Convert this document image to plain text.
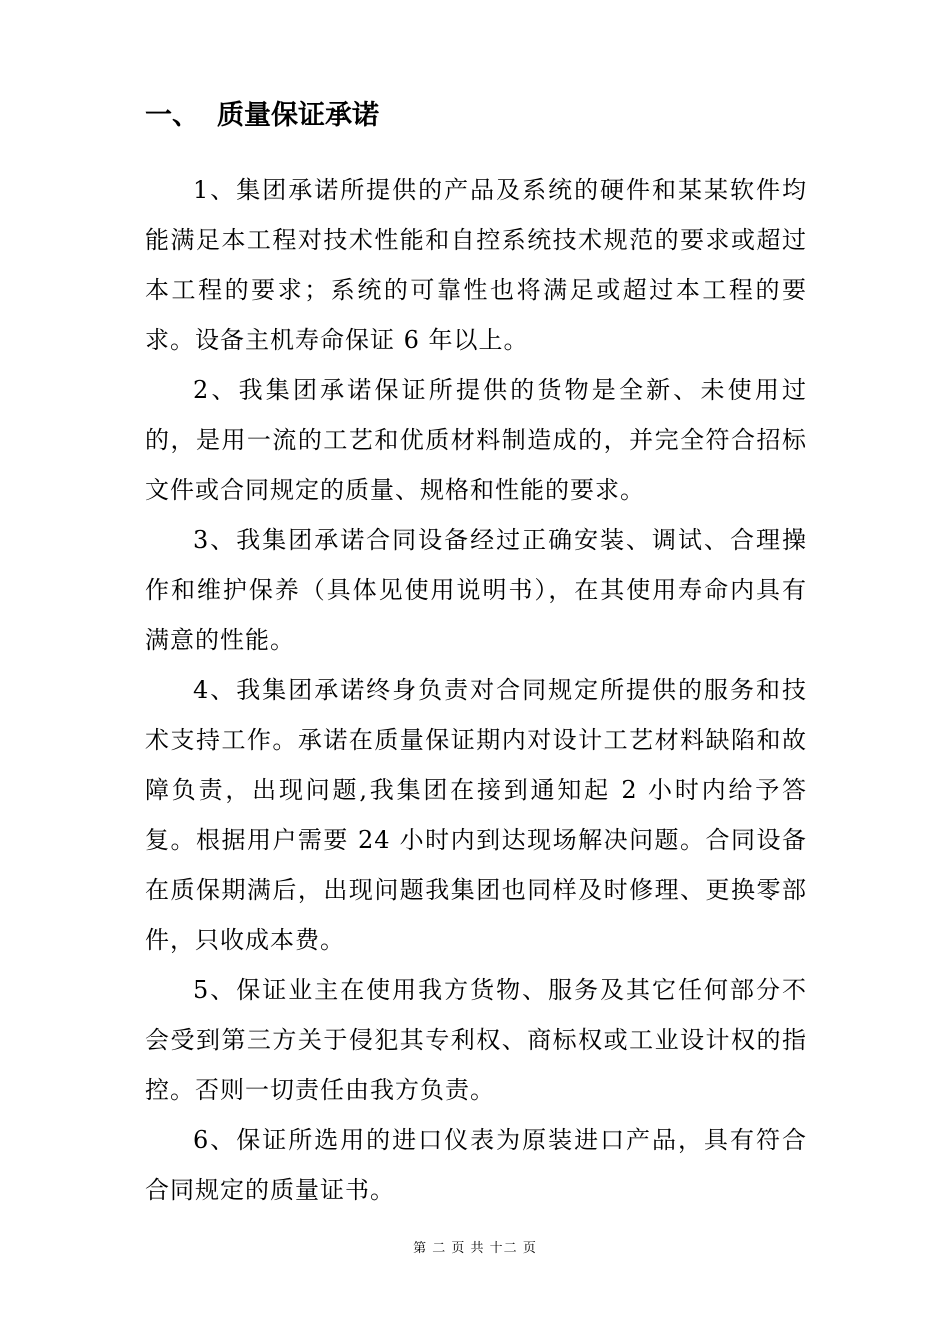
一、 质量保证承诺

1、集团承诺所提供的产品及系统的硬件和某某软件均能满足本工程对技术性能和自控系统技术规范的要求或超过本工程的要求；系统的可靠性也将满足或超过本工程的要求。设备主机寿命保证 6 年以上。

2、我集团承诺保证所提供的货物是全新、未使用过的，是用一流的工艺和优质材料制造成的，并完全符合招标文件或合同规定的质量、规格和性能的要求。

3、我集团承诺合同设备经过正确安装、调试、合理操作和维护保养（具体见使用说明书），在其使用寿命内具有满意的性能。

4、我集团承诺终身负责对合同规定所提供的服务和技术支持工作。承诺在质量保证期内对设计工艺材料缺陷和故障负责，出现问题,我集团在接到通知起 2 小时内给予答复。根据用户需要 24 小时内到达现场解决问题。合同设备在质保期满后，出现问题我集团也同样及时修理、更换零部件，只收成本费。

5、保证业主在使用我方货物、服务及其它任何部分不会受到第三方关于侵犯其专利权、商标权或工业设计权的指控。否则一切责任由我方负责。

6、保证所选用的进口仪表为原装进口产品，具有符合合同规定的质量证书。

第 二 页 共 十二 页
